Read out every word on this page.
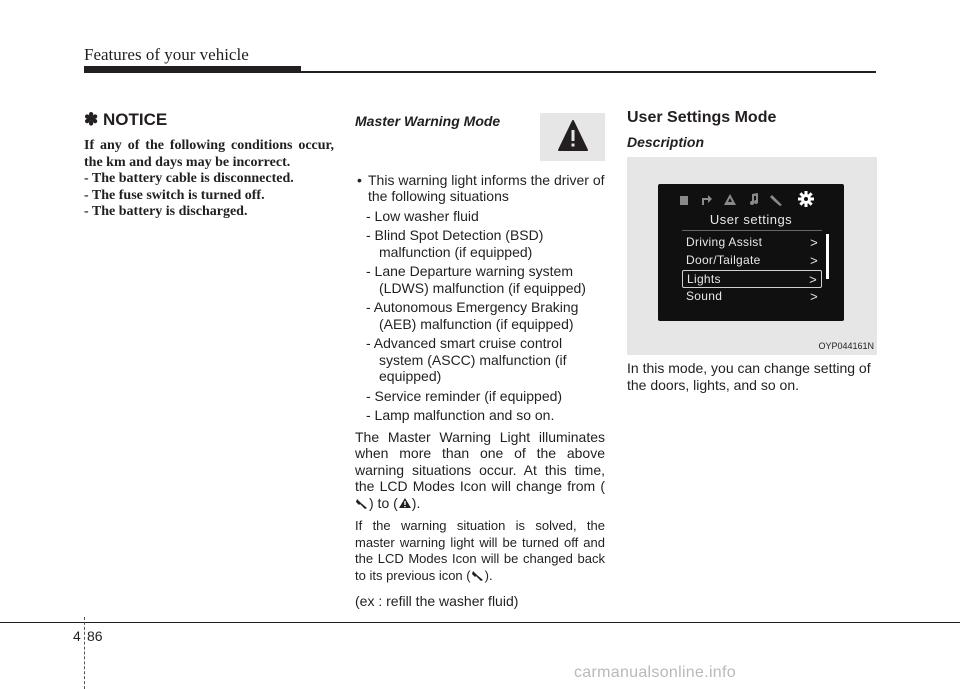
Features of your vehicle
✽ NOTICE
If any of the following conditions occur, the km and days may be incorrect.
- The battery cable is disconnected.
- The fuse switch is turned off.
- The battery is discharged.
Master Warning Mode
• This warning light informs the driver of the following situations
- Low washer fluid
- Blind Spot Detection (BSD) malfunction (if equipped)
- Lane Departure warning system (LDWS) malfunction (if equipped)
- Autonomous Emergency Braking (AEB) malfunction (if equipped)
- Advanced smart cruise control system (ASCC) malfunction (if equipped)
- Service reminder (if equipped)
- Lamp malfunction and so on.

The Master Warning Light illuminates when more than one of the above warning situations occur. At this time, the LCD Modes Icon will change from () to ( ).

If the warning situation is solved, the master warning light will be turned off and the LCD Modes Icon will be changed back to its previous icon ( ).

(ex : refill the washer fluid)

User Settings Mode
Description
User settings
Driving Assist	>
Door/Tailgate	>
Lights	>
Sound	>
OYP044161N
In this mode, you can change setting of the doors, lights, and so on.
4 86
carmanualsonline.info
